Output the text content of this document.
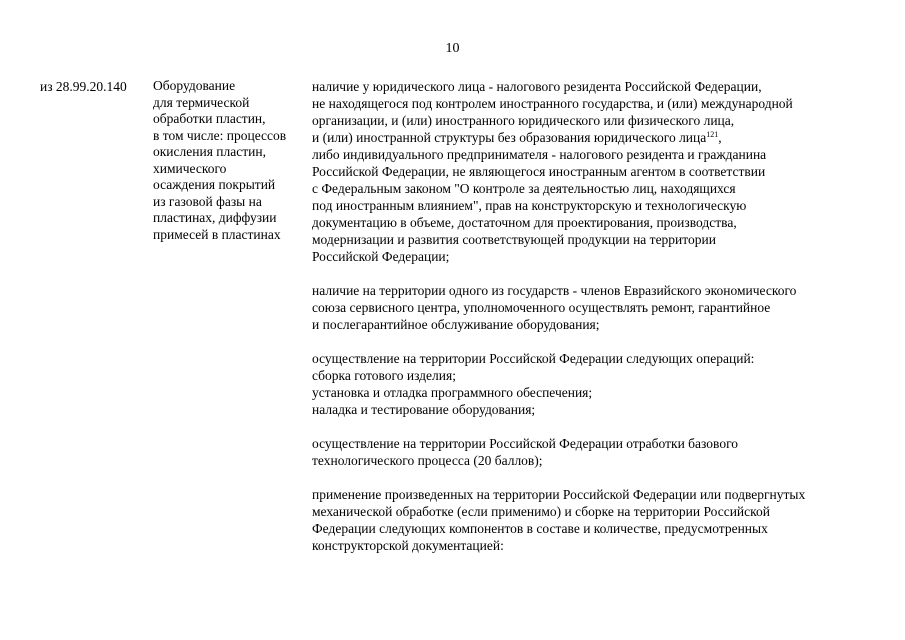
10
из 28.99.20.140	Оборудование
для термической
обработки пластин,
в том числе: процессов
окисления пластин,
химического
осаждения покрытий
из газовой фазы на
пластинах, диффузии
примесей в пластинах
наличие у юридического лица - налогового резидента Российской Федерации,
не находящегося под контролем иностранного государства, и (или) международной
организации, и (или) иностранного юридического или физического лица,
и (или) иностранной структуры без образования юридического лица$^{121}$,
либо индивидуального предпринимателя - налогового резидента и гражданина
Российской Федерации, не являющегося иностранным агентом в соответствии
с Федеральным законом "О контроле за деятельностью лиц, находящихся
под иностранным влиянием", прав на конструкторскую и технологическую
документацию в объеме, достаточном для проектирования, производства,
модернизации и развития соответствующей продукции на территории
Российской Федерации;
наличие на территории одного из государств - членов Евразийского экономического
союза сервисного центра, уполномоченного осуществлять ремонт, гарантийное
и послегарантийное обслуживание оборудования;
осуществление на территории Российской Федерации следующих операций:
сборка готового изделия;
установка и отладка программного обеспечения;
наладка и тестирование оборудования;
осуществление на территории Российской Федерации отработки базового
технологического процесса (20 баллов);
применение произведенных на территории Российской Федерации или подвергнутых
механической обработке (если применимо) и сборке на территории Российской
Федерации следующих компонентов в составе и количестве, предусмотренных
конструкторской документацией:
